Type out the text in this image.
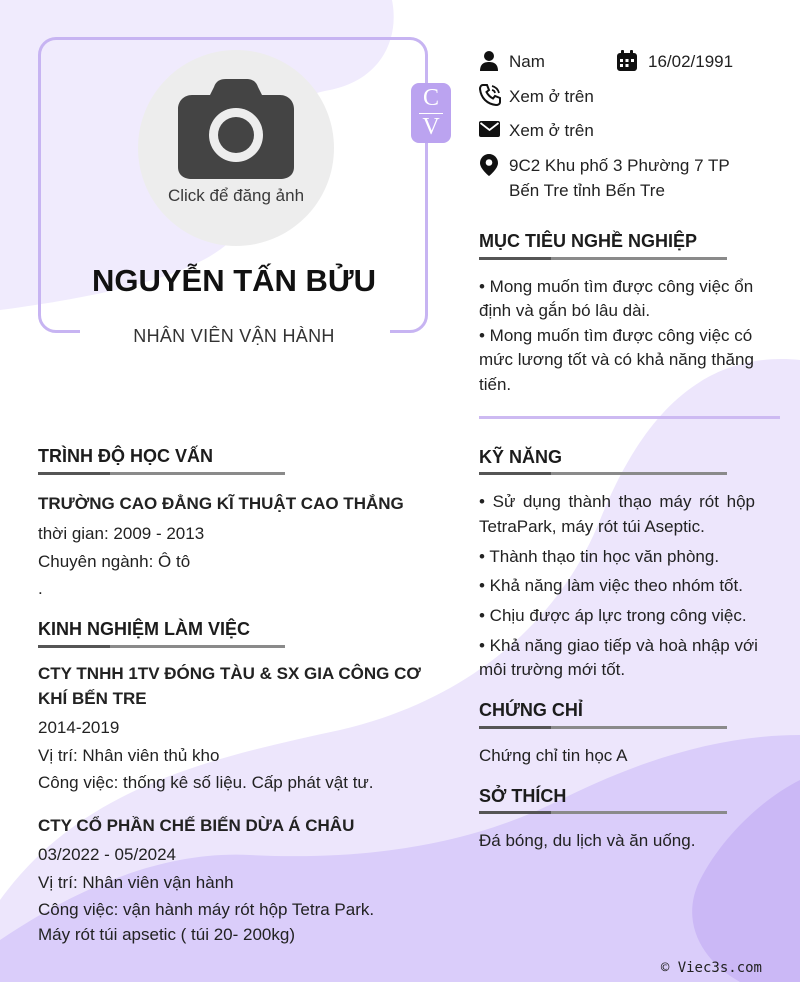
Click để đăng ảnh
C
V
NGUYỄN TẤN BỬU
NHÂN VIÊN VẬN HÀNH
Nam	16/02/1991
Xem ở trên
Xem ở trên
9C2 Khu phố 3 Phường 7 TP
Bến Tre tỉnh Bến Tre
MỤC TIÊU NGHỀ NGHIỆP
• Mong muốn tìm được công việc ổn
định và gắn bó lâu dài.
• Mong muốn tìm được công việc có
mức lương tốt và có khả năng thăng
tiến.
TRÌNH ĐỘ HỌC VẤN
TRƯỜNG CAO ĐẲNG KĨ THUẬT CAO THẮNG
thời gian: 2009 - 2013
Chuyên ngành: Ô tô
.
KINH NGHIỆM LÀM VIỆC
CTY TNHH 1TV ĐÓNG TÀU & SX GIA CÔNG CƠ
KHÍ BẾN TRE
2014-2019
Vị trí: Nhân viên thủ kho
Công việc: thống kê số liệu. Cấp phát vật tư.
CTY CỔ PHẦN CHẾ BIẾN DỪA Á CHÂU
03/2022 - 05/2024
Vị trí: Nhân viên vận hành
Công việc: vận hành máy rót hộp Tetra Park.
Máy rót túi apsetic ( túi 20- 200kg)
KỸ NĂNG
• Sử dụng thành thạo máy rót hộp
TetraPark, máy rót túi Aseptic.
• Thành thạo tin học văn phòng.
• Khả năng làm việc theo nhóm tốt.
• Chịu được áp lực trong công việc.
• Khả năng giao tiếp và hoà nhập với
môi trường mới tốt.
CHỨNG CHỈ
Chứng chỉ tin học A
SỞ THÍCH
Đá bóng, du lịch và ăn uống.
© Viec3s.com
